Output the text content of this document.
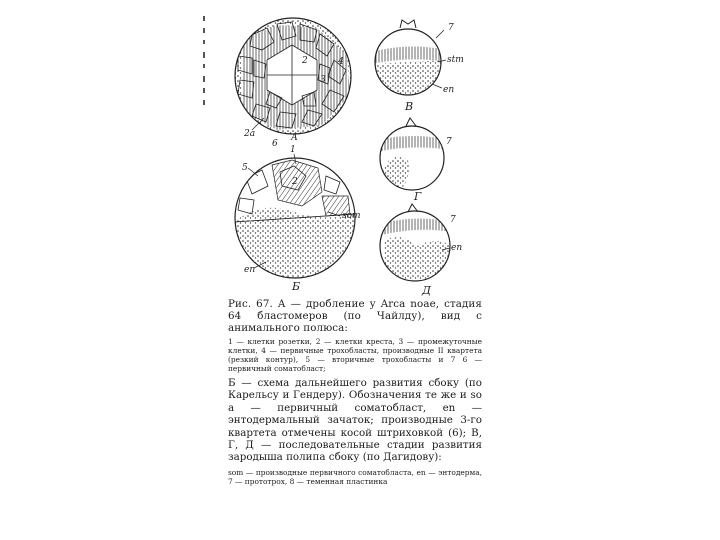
2
3
4
2а
6
А
1
5
2
som
en
Б
7
stm
en
В
7
Г
7
en
Д

Рис. 67. А — дробление у Arca noae, стадия 64 бластомеров (по Чайлду), вид с анимального полюса:

1 — клетки розетки, 2 — клетки креста, 3 — промежуточные клетки, 4 — первичные трохобласты, производные II квартета (резкий контур), 5 — вторичные трохобласты и 7 6 — первичный соматобласт;

Б — схема дальнейшего развития сбоку (по Карельсу и Гендеру). Обозначения те же и sо а — первичный соматобласт, en — энтодермальный зачаток; производные 3-го квартета отмечены косой штриховкой (6); В, Г, Д — последовательные стадии развития зародыша полипа сбоку (по Дагидову):

som — производные первичного соматобласта, en — энтодерма, 7 — прототрох, 8 — теменная пластинка
